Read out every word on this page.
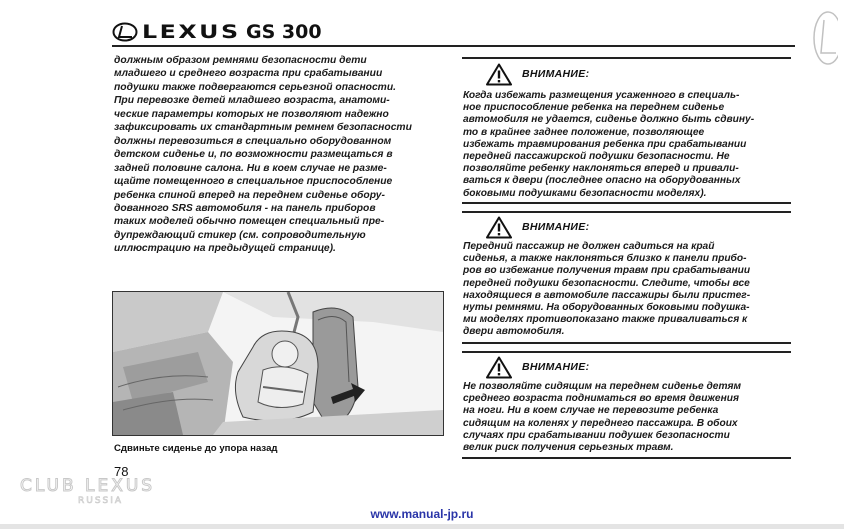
LEXUS GS 300
должным образом ремнями безопасности дети
младшего и среднего возраста при срабатывании
подушки также подвергаются серьезной опасности.
При перевозке детей младшего возраста, анатоми-
ческие параметры которых не позволяют надежно
зафиксировать их стандартным ремнем безопасности
должны перевозиться в специально оборудованном
детском сиденье и, по возможности размещаться в
задней половине салона. Ни в коем случае не разме-
щайте помещенного в специальное приспособление
ребенка спиной вперед на переднем сиденье обору-
дованного SRS автомобиля - на панель приборов
таких моделей обычно помещен специальный пре-
дупреждающий стикер (см. сопроводительную
иллюстрацию на предыдущей странице).
Сдвиньте сиденье до упора назад
78
CLUB LEXUS
RUSSIA
ВНИМАНИЕ:
Когда избежать размещения усаженного в специаль-
ное приспособление ребенка на переднем сиденье
автомобиля не удается, сиденье должно быть сдвину-
то в крайнее заднее положение, позволяющее
избежать травмирования ребенка при срабатывании
передней пассажирской подушки безопасности. Не
позволяйте ребенку наклоняться вперед и привали-
ваться к двери (последнее опасно на оборудованных
боковыми подушками безопасности моделях).
ВНИМАНИЕ:
Передний пассажир не должен садиться на край
сиденья, а также наклоняться близко к панели прибо-
ров во избежание получения травм при срабатывании
передней подушки безопасности. Следите, чтобы все
находящиеся в автомобиле пассажиры были пристег-
нуты ремнями. На оборудованных боковыми подушка-
ми моделях противопоказано также приваливаться к
двери автомобиля.
ВНИМАНИЕ:
Не позволяйте сидящим на переднем сиденье детям
среднего возраста подниматься во время движения
на ноги. Ни в коем случае не перевозите ребенка
сидящим на коленях у переднего пассажира. В обоих
случаях при срабатывании подушек безопасности
велик риск получения серьезных травм.
www.manual-jp.ru
